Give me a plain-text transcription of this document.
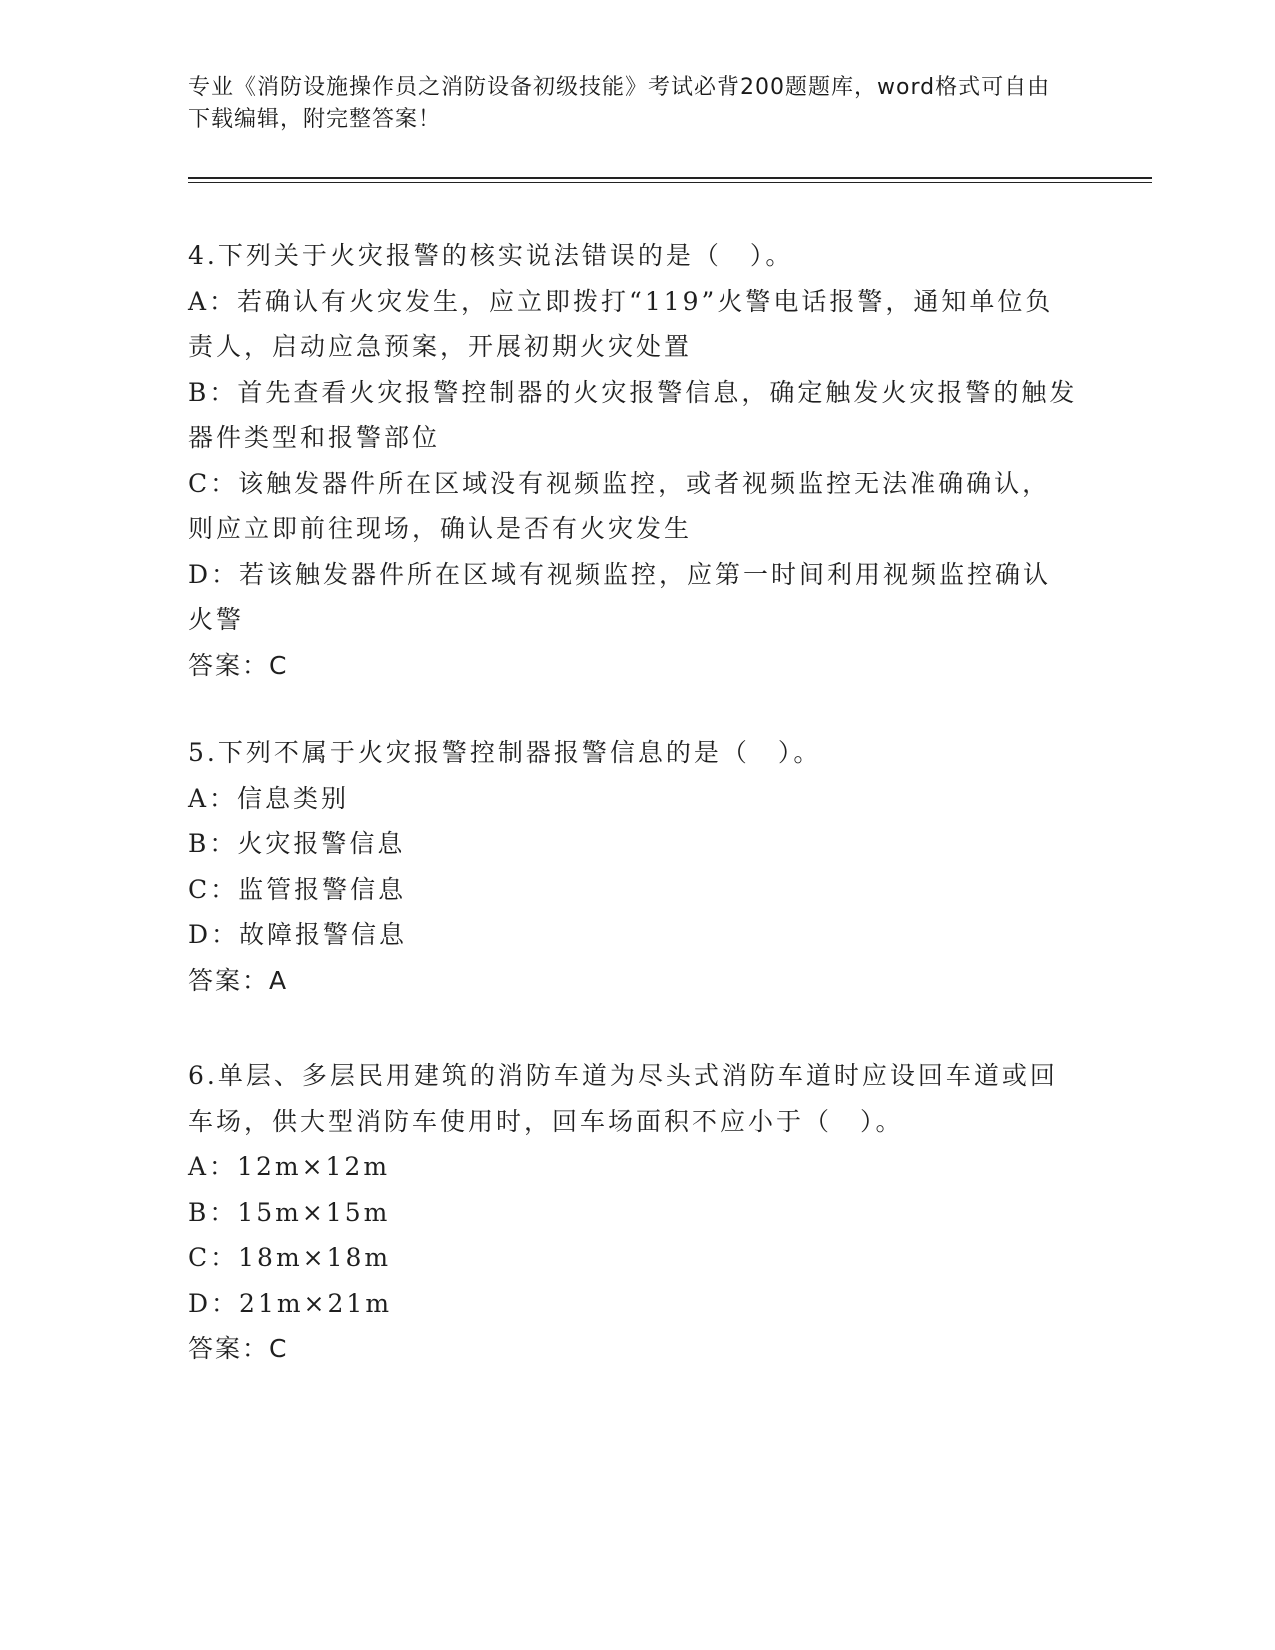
专业《消防设施操作员之消防设备初级技能》考试必背200题题库，word格式可自由下载编辑，附完整答案！
4.下列关于火灾报警的核实说法错误的是（　）。
A：若确认有火灾发生，应立即拨打“119”火警电话报警，通知单位负责人，启动应急预案，开展初期火灾处置
B：首先查看火灾报警控制器的火灾报警信息，确定触发火灾报警的触发器件类型和报警部位
C：该触发器件所在区域没有视频监控，或者视频监控无法准确确认，则应立即前往现场，确认是否有火灾发生
D：若该触发器件所在区域有视频监控，应第一时间利用视频监控确认火警
答案：C
5.下列不属于火灾报警控制器报警信息的是（　）。
A：信息类别
B：火灾报警信息
C：监管报警信息
D：故障报警信息
答案：A
6.单层、多层民用建筑的消防车道为尽头式消防车道时应设回车道或回车场，供大型消防车使用时，回车场面积不应小于（　）。
A：12m×12m
B：15m×15m
C：18m×18m
D：21m×21m
答案：C
